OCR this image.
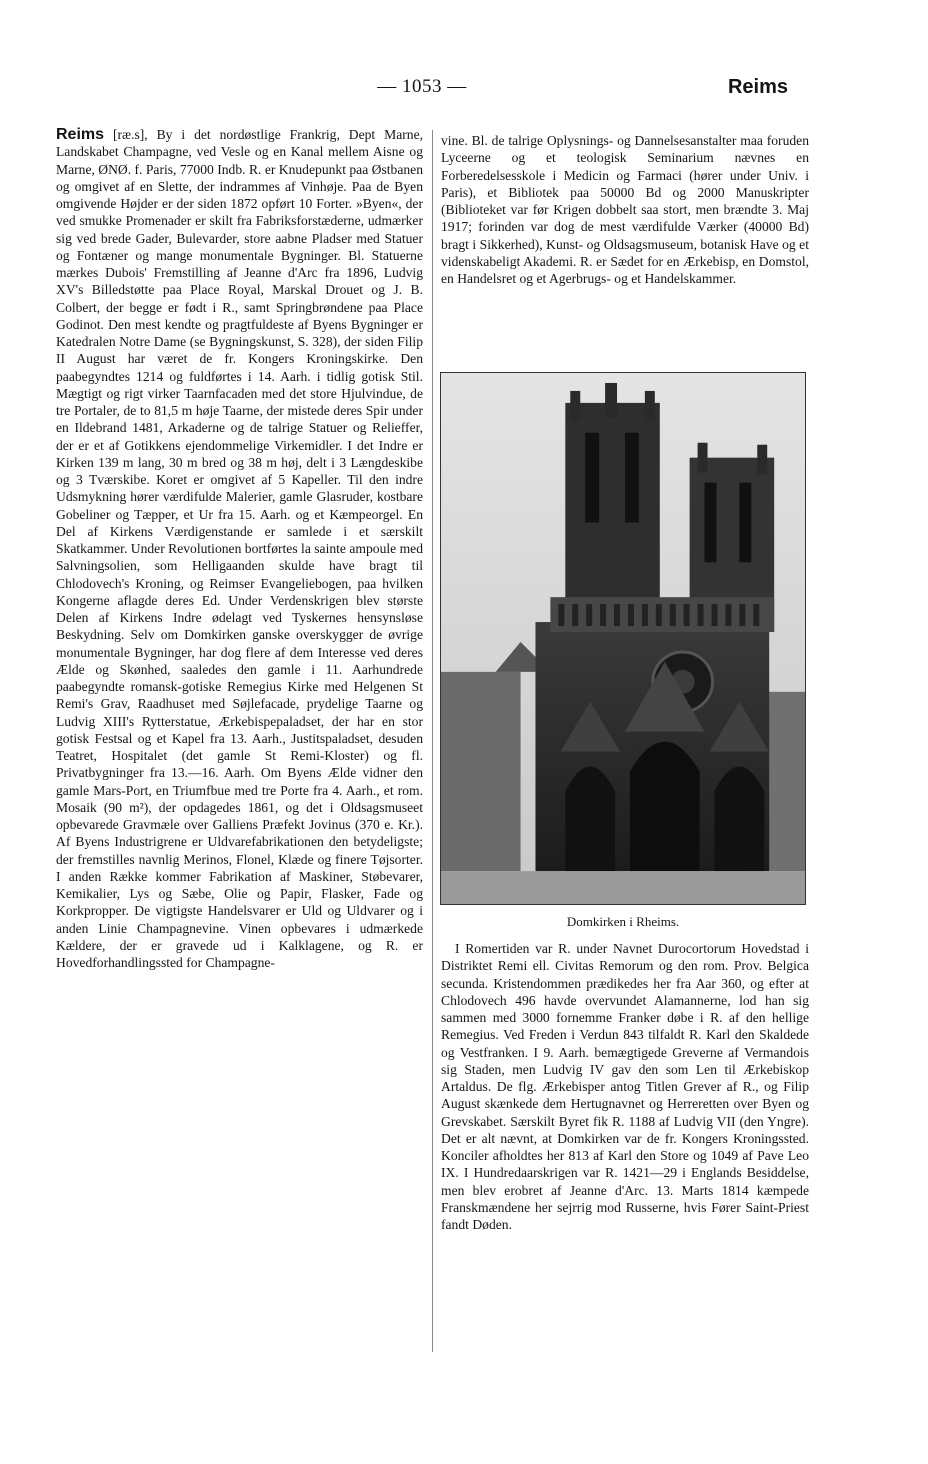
— 1053 —	Reims

Reims [ræ.s], By i det nordøstlige Frankrig, Dept Marne, Landskabet Champagne, ved Vesle og en Kanal mellem Aisne og Marne, ØNØ. f. Paris, 77000 Indb. R. er Knudepunkt paa Østbanen og omgivet af en Slette, der indrammes af Vinhøje. Paa de Byen omgivende Højder er der siden 1872 opført 10 Forter. »Byen«, der ved smukke Promenader er skilt fra Fabriksforstæderne, udmærker sig ved brede Gader, Bulevarder, store aabne Pladser med Statuer og Fontæner og mange monumentale Bygninger. Bl. Statuerne mærkes Dubois' Fremstilling af Jeanne d'Arc fra 1896, Ludvig XV's Billedstøtte paa Place Royal, Marskal Drouet og J. B. Colbert, der begge er født i R., samt Springbrøndene paa Place Godinot. Den mest kendte og pragtfuldeste af Byens Bygninger er Katedralen Notre Dame (se Bygningskunst, S. 328), der siden Filip II August har været de fr. Kongers Kroningskirke. Den paabegyndtes 1214 og fuldførtes i 14. Aarh. i tidlig gotisk Stil. Mægtigt og rigt virker Taarnfacaden med det store Hjulvindue, de tre Portaler, de to 81,5 m høje Taarne, der mistede deres Spir under en Ildebrand 1481, Arkaderne og de talrige Statuer og Relieffer, der er et af Gotikkens ejendommelige Virkemidler. I det Indre er Kirken 139 m lang, 30 m bred og 38 m høj, delt i 3 Længdeskibe og 3 Tværskibe. Koret er omgivet af 5 Kapeller. Til den indre Udsmykning hører værdifulde Malerier, gamle Glasruder, kostbare Gobeliner og Tæpper, et Ur fra 15. Aarh. og et Kæmpeorgel. En Del af Kirkens Værdigenstande er samlede i et særskilt Skatkammer. Under Revolutionen bortførtes la sainte ampoule med Salvningsolien, som Helligaanden skulde have bragt til Chlodovech's Kroning, og Reimser Evangeliebogen, paa hvilken Kongerne aflagde deres Ed. Under Verdenskrigen blev største Delen af Kirkens Indre ødelagt ved Tyskernes hensynsløse Beskydning. Selv om Domkirken ganske overskygger de øvrige monumentale Bygninger, har dog flere af dem Interesse ved deres Ælde og Skønhed, saaledes den gamle i 11. Aarhundrede paabegyndte romansk-gotiske Remegius Kirke med Helgenen St Remi's Grav, Raadhuset med Søjlefacade, prydelige Taarne og Ludvig XIII's Rytterstatue, Ærkebispepaladset, der har en stor gotisk Festsal og et Kapel fra 13. Aarh., Justitspaladset, desuden Teatret, Hospitalet (det gamle St Remi-Kloster) og fl. Privatbygninger fra 13.—16. Aarh. Om Byens Ælde vidner den gamle Mars-Port, en Triumfbue med tre Porte fra 4. Aarh., et rom. Mosaik (90 m²), der opdagedes 1861, og det i Oldsagsmuseet opbevarede Gravmæle over Galliens Præfekt Jovinus (370 e. Kr.). Af Byens Industrigrene er Uldvarefabrikationen den betydeligste; der fremstilles navnlig Merinos, Flonel, Klæde og finere Tøjsorter. I anden Række kommer Fabrikation af Maskiner, Støbevarer, Kemikalier, Lys og Sæbe, Olie og Papir, Flasker, Fade og Korkpropper. De vigtigste Handelsvarer er Uld og Uldvarer og i anden Linie Champagnevine. Vinen opbevares i udmærkede Kældere, der er gravede ud i Kalklagene, og R. er Hovedforhandlingssted for Champagne-

vine. Bl. de talrige Oplysnings- og Dannelsesanstalter maa foruden Lyceerne og et teologisk Seminarium nævnes en Forberedelsesskole i Medicin og Farmaci (hører under Univ. i Paris), et Bibliotek paa 50000 Bd og 2000 Manuskripter (Biblioteket var før Krigen dobbelt saa stort, men brændte 3. Maj 1917; forinden var dog de mest værdifulde Værker (40000 Bd) bragt i Sikkerhed), Kunst- og Oldsagsmuseum, botanisk Have og et videnskabeligt Akademi. R. er Sædet for en Ærkebisp, en Domstol, en Handelsret og et Agerbrugs- og et Handelskammer.

Domkirken i Rheims.

I Romertiden var R. under Navnet Durocortorum Hovedstad i Distriktet Remi ell. Civitas Remorum og den rom. Prov. Belgica secunda. Kristendommen prædikedes her fra Aar 360, og efter at Chlodovech 496 havde overvundet Alamannerne, lod han sig sammen med 3000 fornemme Franker døbe i R. af den hellige Remegius. Ved Freden i Verdun 843 tilfaldt R. Karl den Skaldede og Vestfranken. I 9. Aarh. bemægtigede Greverne af Vermandois sig Staden, men Ludvig IV gav den som Len til Ærkebiskop Artaldus. De flg. Ærkebisper antog Titlen Grever af R., og Filip August skænkede dem Hertugnavnet og Herreretten over Byen og Grevskabet. Særskilt Byret fik R. 1188 af Ludvig VII (den Yngre). Det er alt nævnt, at Domkirken var de fr. Kongers Kroningssted. Konciler afholdtes her 813 af Karl den Store og 1049 af Pave Leo IX. I Hundredaarskrigen var R. 1421—29 i Englands Besiddelse, men blev erobret af Jeanne d'Arc. 13. Marts 1814 kæmpede Franskmændene her sejrrig mod Russerne, hvis Fører Saint-Priest fandt Døden.
